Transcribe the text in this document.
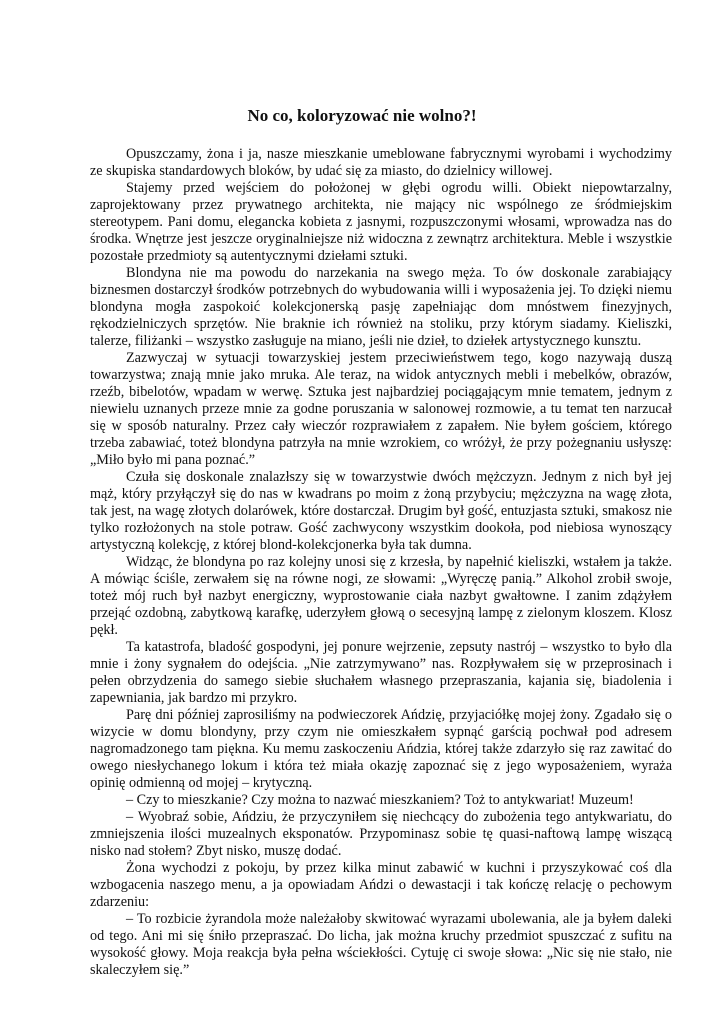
No co, koloryzować nie wolno?!

Opuszczamy, żona i ja, nasze mieszkanie umeblowane fabrycznymi wyrobami i wychodzimy ze skupiska standardowych bloków, by udać się za miasto, do dzielnicy willowej.

Stajemy przed wejściem do położonej w głębi ogrodu willi. Obiekt niepowtarzalny, zaprojektowany przez prywatnego architekta, nie mający nic wspólnego ze śródmiejskim stereotypem. Pani domu, elegancka kobieta z jasnymi, rozpuszczonymi włosami, wprowadza nas do środka. Wnętrze jest jeszcze oryginalniejsze niż widoczna z zewnątrz architektura. Meble i wszystkie pozostałe przedmioty są autentycznymi dziełami sztuki.

Blondyna nie ma powodu do narzekania na swego męża. To ów doskonale zarabiający biznesmen dostarczył środków potrzebnych do wybudowania willi i wyposażenia jej. To dzięki niemu blondyna mogła zaspokoić kolekcjonerską pasję zapełniając dom mnóstwem finezyjnych, rękodzielniczych sprzętów. Nie braknie ich również na stoliku, przy którym siadamy. Kieliszki, talerze, filiżanki – wszystko zasługuje na miano, jeśli nie dzieł, to dziełek artystycznego kunsztu.

Zazwyczaj w sytuacji towarzyskiej jestem przeciwieństwem tego, kogo nazywają duszą towarzystwa; znają mnie jako mruka. Ale teraz, na widok antycznych mebli i mebelków, obrazów, rzeźb, bibelotów, wpadam w werwę. Sztuka jest najbardziej pociągającym mnie tematem, jednym z niewielu uznanych przeze mnie za godne poruszania w salonowej rozmowie, a tu temat ten narzucał się w sposób naturalny. Przez cały wieczór rozprawiałem z zapałem. Nie byłem gościem, którego trzeba zabawiać, toteż blondyna patrzyła na mnie wzrokiem, co wróżył, że przy pożegnaniu usłyszę: „Miło było mi pana poznać.”

Czuła się doskonale znalazłszy się w towarzystwie dwóch mężczyzn. Jednym z nich był jej mąż, który przyłączył się do nas w kwadrans po moim z żoną przybyciu; mężczyzna na wagę złota, tak jest, na wagę złotych dolarówek, które dostarczał. Drugim był gość, entuzjasta sztuki, smakosz nie tylko rozłożonych na stole potraw. Gość zachwycony wszystkim dookoła, pod niebiosa wynoszący artystyczną kolekcję, z której blond-kolekcjonerka była tak dumna.

Widząc, że blondyna po raz kolejny unosi się z krzesła, by napełnić kieliszki, wstałem ja także. A mówiąc ściśle, zerwałem się na równe nogi, ze słowami: „Wyręczę panią.” Alkohol zrobił swoje, toteż mój ruch był nazbyt energiczny, wyprostowanie ciała nazbyt gwałtowne. I zanim zdążyłem przejąć ozdobną, zabytkową karafkę, uderzyłem głową o secesyjną lampę z zielonym kloszem. Klosz pękł.

Ta katastrofa, bladość gospodyni, jej ponure wejrzenie, zepsuty nastrój – wszystko to było dla mnie i żony sygnałem do odejścia. „Nie zatrzymywano” nas. Rozpływałem się w przeprosinach i pełen obrzydzenia do samego siebie słuchałem własnego przepraszania, kajania się, biadolenia i zapewniania, jak bardzo mi przykro.

Parę dni później zaprosiliśmy na podwieczorek Ańdzię, przyjaciółkę mojej żony. Zgadało się o wizycie w domu blondyny, przy czym nie omieszkałem sypnąć garścią pochwał pod adresem nagromadzonego tam piękna. Ku memu zaskoczeniu Ańdzia, której także zdarzyło się raz zawitać do owego niesłychanego lokum i która też miała okazję zapoznać się z jego wyposażeniem, wyraża opinię odmienną od mojej – krytyczną.

– Czy to mieszkanie? Czy można to nazwać mieszkaniem? Toż to antykwariat! Muzeum!

– Wyobraź sobie, Ańdziu, że przyczyniłem się niechcący do zubożenia tego antykwariatu, do zmniejszenia ilości muzealnych eksponatów. Przypominasz sobie tę quasi-naftową lampę wiszącą nisko nad stołem? Zbyt nisko, muszę dodać.

Żona wychodzi z pokoju, by przez kilka minut zabawić w kuchni i przyszykować coś dla wzbogacenia naszego menu, a ja opowiadam Ańdzi o dewastacji i tak kończę relację o pechowym zdarzeniu:

– To rozbicie żyrandola może należałoby skwitować wyrazami ubolewania, ale ja byłem daleki od tego. Ani mi się śniło przepraszać. Do licha, jak można kruchy przedmiot spuszczać z sufitu na wysokość głowy. Moja reakcja była pełna wściekłości. Cytuję ci swoje słowa: „Nic się nie stało, nie skaleczyłem się.”
